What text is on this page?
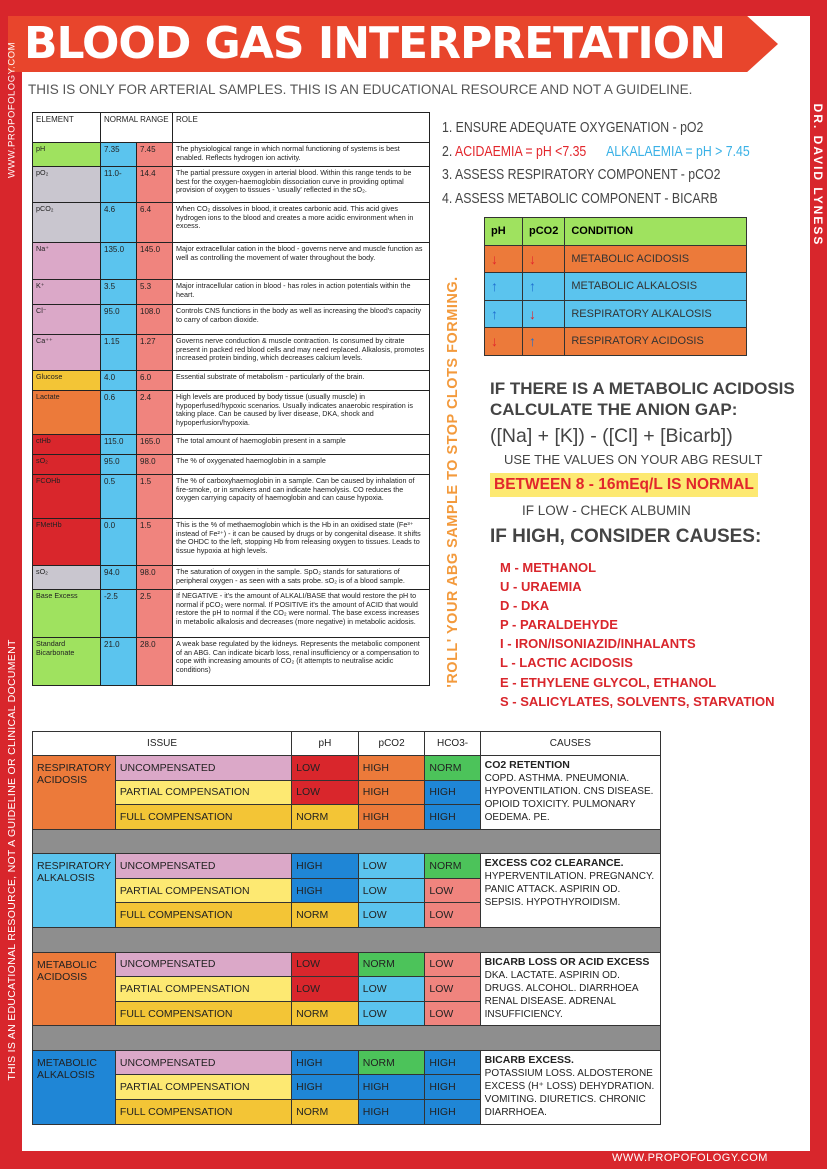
BLOOD GAS INTERPRETATION
THIS IS ONLY FOR ARTERIAL SAMPLES. THIS IS AN EDUCATIONAL RESOURCE AND NOT A GUIDELINE.
WWW.PROPOFOLOGY.COM
THIS IS AN EDUCATIONAL RESOURCE, NOT A GUIDELINE OR CLINICAL DOCUMENT
DR. DAVID LYNESS
'ROLL' YOUR ABG SAMPLE TO STOP CLOTS FORMING.
ELEMENT	NORMAL RANGE		ROLE
pH	7.35	7.45	The physiological range in which normal functioning of systems is best enabled. Reflects hydrogen ion activity.
pO₂	11.0-	14.4	The partial pressure oxygen in arterial blood. Within this range tends to be best for the oxygen-haemoglobin dissociation curve in providing optimal provision of oxygen to tissues - 'usually' reflected in the sO₂.
pCO₂	4.6	6.4	When CO₂ dissolves in blood, it creates carbonic acid. This acid gives hydrogen ions to the blood and creates a more acidic environment when in excess.
Na⁺	135.0	145.0	Major extracellular cation in the blood - governs nerve and muscle function as well as controlling the movement of water throughout the body.
K⁺	3.5	5.3	Major intracellular cation in blood - has roles in action potentials within the heart.
Cl⁻	95.0	108.0	Controls CNS functions in the body as well as increasing the blood's capacity to carry of carbon dioxide.
Ca⁺⁺	1.15	1.27	Governs nerve conduction & muscle contraction. Is consumed by citrate present in packed red blood cells and may need replaced. Alkalosis, promotes increased protein binding, which decreases calcium levels.
Glucose	4.0	6.0	Essential substrate of metabolism - particularly of the brain.
Lactate	0.6	2.4	High levels are produced by body tissue (usually muscle) in hypoperfused/hypoxic scenarios. Usually indicates anaerobic respiration is taking place. Can be caused by liver disease, DKA, shock and hypoperfusion/hypoxia.
ctHb	115.0	165.0	The total amount of haemoglobin present in a sample
sO₂	95.0	98.0	The % of oxygenated haemoglobin in a sample
FCOHb	0.5	1.5	The % of carboxyhaemoglobin in a sample. Can be caused by inhalation of fire-smoke, or in smokers and can indicate haemolysis. CO reduces the oxygen carrying capacity of haemoglobin and can cause hypoxia.
FMetHb	0.0	1.5	This is the % of methaemoglobin which is the Hb in an oxidised state (Fe³⁺ instead of Fe²⁺) - it can be caused by drugs or by congenital disease. It shifts the OHDC to the left, stopping Hb from releasing oxygen to tissues. Leads to tissue hypoxia at high levels.
sO₂	94.0	98.0	The saturation of oxygen in the sample. SpO₂ stands for saturations of peripheral oxygen - as seen with a sats probe. sO₂ is of a blood sample.
Base Excess	-2.5	2.5	If NEGATIVE - it's the amount of ALKALI/BASE that would restore the pH to normal if pCO₂ were normal. If POSITIVE it's the amount of ACID that would restore the pH to normal if the CO₂ were normal. The base excess increases in metabolic alkalosis and decreases (more negative) in metabolic acidosis.
Standard Bicarbonate	21.0	28.0	A weak base regulated by the kidneys. Represents the metabolic component of an ABG. Can indicate bicarb loss, renal insufficiency or a compensation to cope with increasing amounts of CO₂ (it attempts to neutralise acidic conditions)
1. ENSURE ADEQUATE OXYGENATION - pO2
2. ACIDAEMIA = pH <7.35 ALKALAEMIA = pH > 7.45
3. ASSESS RESPIRATORY COMPONENT - pCO2
4. ASSESS METABOLIC COMPONENT - BICARB
pH	pCO2	CONDITION
↓	↓	METABOLIC ACIDOSIS
↑	↑	METABOLIC ALKALOSIS
↑	↓	RESPIRATORY ALKALOSIS
↓	↑	RESPIRATORY ACIDOSIS
IF THERE IS A METABOLIC ACIDOSIS
CALCULATE THE ANION GAP:
([Na] + [K]) - ([Cl] + [Bicarb])
USE THE VALUES ON YOUR ABG RESULT
BETWEEN 8 - 16mEq/L IS NORMAL
IF LOW - CHECK ALBUMIN
IF HIGH, CONSIDER CAUSES:
M - METHANOL
U - URAEMIA
D - DKA
P - PARALDEHYDE
I - IRON/ISONIAZID/INHALANTS
L - LACTIC ACIDOSIS
E - ETHYLENE GLYCOL, ETHANOL
S - SALICYLATES, SOLVENTS, STARVATION
ISSUE		pH	pCO2	HCO3-	CAUSES
RESPIRATORY ACIDOSIS	UNCOMPENSATED	LOW	HIGH	NORM	CO2 RETENTION
COPD. ASTHMA. PNEUMONIA. HYPOVENTILATION. CNS DISEASE. OPIOID TOXICITY. PULMONARY OEDEMA. PE.

	PARTIAL COMPENSATION	LOW	HIGH	HIGH	
	FULL COMPENSATION	NORM	HIGH	HIGH	

RESPIRATORY ALKALOSIS	UNCOMPENSATED	HIGH	LOW	NORM	EXCESS CO2 CLEARANCE.
HYPERVENTILATION. PREGNANCY. PANIC ATTACK. ASPIRIN OD. SEPSIS. HYPOTHYROIDISM.

	PARTIAL COMPENSATION	HIGH	LOW	LOW	
	FULL COMPENSATION	NORM	LOW	LOW	

METABOLIC ACIDOSIS	UNCOMPENSATED	LOW	NORM	LOW	BICARB LOSS OR ACID EXCESS
DKA. LACTATE. ASPIRIN OD. DRUGS. ALCOHOL. DIARRHOEA RENAL DISEASE. ADRENAL INSUFFICIENCY.

	PARTIAL COMPENSATION	LOW	LOW	LOW	
	FULL COMPENSATION	NORM	LOW	LOW	

METABOLIC ALKALOSIS	UNCOMPENSATED	HIGH	NORM	HIGH	BICARB EXCESS.
POTASSIUM LOSS. ALDOSTERONE EXCESS (H⁺ LOSS) DEHYDRATION. VOMITING. DIURETICS. CHRONIC DIARRHOEA.

	PARTIAL COMPENSATION	HIGH	HIGH	HIGH	
	FULL COMPENSATION	NORM	HIGH	HIGH	
WWW.PROPOFOLOGY.COM
